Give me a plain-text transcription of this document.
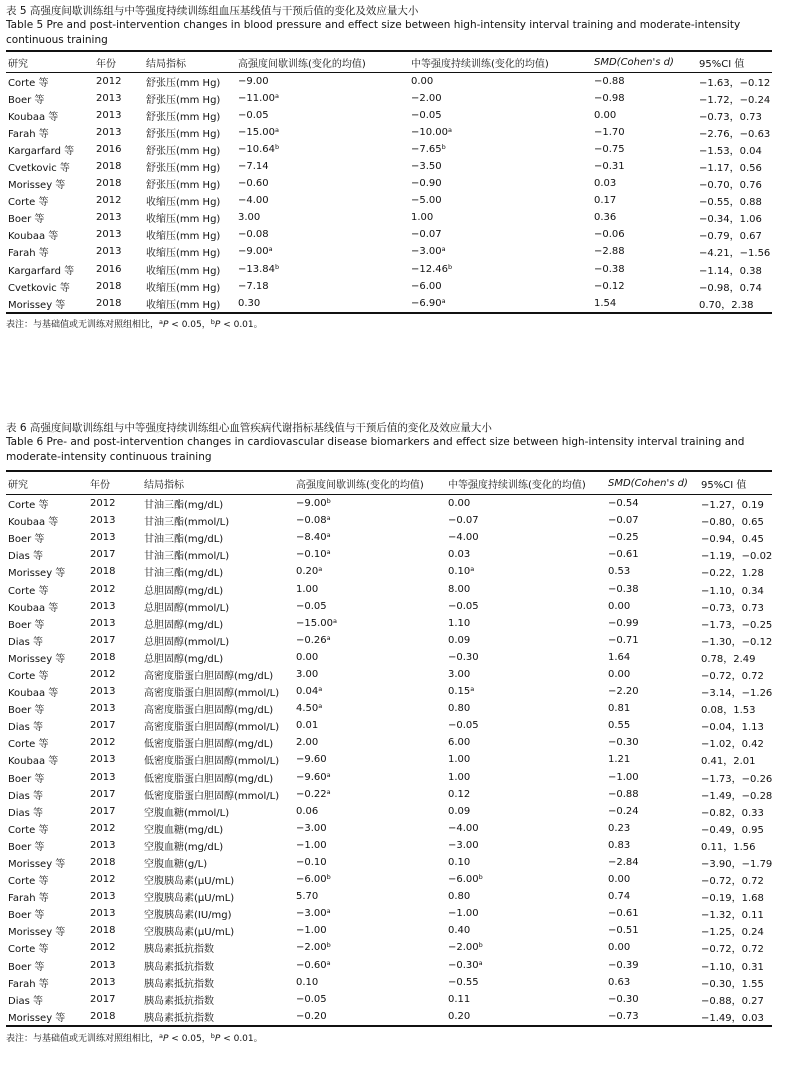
表 5 高强度间歇训练组与中等强度持续训练组血压基线值与干预后值的变化及效应量大小
Table 5 Pre and post-intervention changes in blood pressure and effect size between high-intensity interval training and moderate-intensity continuous training
研究	年份	结局指标	高强度间歇训练(变化的均值)	中等强度持续训练(变化的均值)	SMD(Cohen's d)	95%CI 值
Corte 等	2012	舒张压(mm Hg)	−9.00	0.00	−0.88	−1.63，−0.12
Boer 等	2013	舒张压(mm Hg)	−11.00$^a$	−2.00	−0.98	−1.72，−0.24
Koubaa 等	2013	舒张压(mm Hg)	−0.05	−0.05	0.00	−0.73，0.73
Farah 等	2013	舒张压(mm Hg)	−15.00$^a$	−10.00$^a$	−1.70	−2.76，−0.63
Kargarfard 等	2016	舒张压(mm Hg)	−10.64$^b$	−7.65$^b$	−0.75	−1.53，0.04
Cvetkovic 等	2018	舒张压(mm Hg)	−7.14	−3.50	−0.31	−1.17，0.56
Morissey 等	2018	舒张压(mm Hg)	−0.60	−0.90	0.03	−0.70，0.76
Corte 等	2012	收缩压(mm Hg)	−4.00	−5.00	0.17	−0.55，0.88
Boer 等	2013	收缩压(mm Hg)	3.00	1.00	0.36	−0.34，1.06
Koubaa 等	2013	收缩压(mm Hg)	−0.08	−0.07	−0.06	−0.79，0.67
Farah 等	2013	收缩压(mm Hg)	−9.00$^a$	−3.00$^a$	−2.88	−4.21，−1.56
Kargarfard 等	2016	收缩压(mm Hg)	−13.84$^b$	−12.46$^b$	−0.38	−1.14，0.38
Cvetkovic 等	2018	收缩压(mm Hg)	−7.18	−6.00	−0.12	−0.98，0.74
Morissey 等	2018	收缩压(mm Hg)	0.30	−6.90$^a$	1.54	0.70，2.38
表注：与基础值或无训练对照组相比，$^a$P < 0.05，$^b$P < 0.01。
表 6 高强度间歇训练组与中等强度持续训练组心血管疾病代谢指标基线值与干预后值的变化及效应量大小
Table 6 Pre- and post-intervention changes in cardiovascular disease biomarkers and effect size between high-intensity interval training and moderate-intensity continuous training
研究	年份	结局指标	高强度间歇训练(变化的均值)	中等强度持续训练(变化的均值)	SMD(Cohen's d)	95%CI 值
Corte 等	2012	甘油三酯(mg/dL)	−9.00$^b$	0.00	−0.54	−1.27，0.19
Koubaa 等	2013	甘油三酯(mmol/L)	−0.08$^a$	−0.07	−0.07	−0.80，0.65
Boer 等	2013	甘油三酯(mg/dL)	−8.40$^a$	−4.00	−0.25	−0.94，0.45
Dias 等	2017	甘油三酯(mmol/L)	−0.10$^a$	0.03	−0.61	−1.19，−0.02
Morissey 等	2018	甘油三酯(mg/dL)	0.20$^a$	0.10$^a$	0.53	−0.22，1.28
Corte 等	2012	总胆固醇(mg/dL)	1.00	8.00	−0.38	−1.10，0.34
Koubaa 等	2013	总胆固醇(mmol/L)	−0.05	−0.05	0.00	−0.73，0.73
Boer 等	2013	总胆固醇(mg/dL)	−15.00$^a$	1.10	−0.99	−1.73，−0.25
Dias 等	2017	总胆固醇(mmol/L)	−0.26$^a$	0.09	−0.71	−1.30，−0.12
Morissey 等	2018	总胆固醇(mg/dL)	0.00	−0.30	1.64	0.78，2.49
Corte 等	2012	高密度脂蛋白胆固醇(mg/dL)	3.00	3.00	0.00	−0.72，0.72
Koubaa 等	2013	高密度脂蛋白胆固醇(mmol/L)	0.04$^a$	0.15$^a$	−2.20	−3.14，−1.26
Boer 等	2013	高密度脂蛋白胆固醇(mg/dL)	4.50$^a$	0.80	0.81	0.08，1.53
Dias 等	2017	高密度脂蛋白胆固醇(mmol/L)	0.01	−0.05	0.55	−0.04，1.13
Corte 等	2012	低密度脂蛋白胆固醇(mg/dL)	2.00	6.00	−0.30	−1.02，0.42
Koubaa 等	2013	低密度脂蛋白胆固醇(mmol/L)	−9.60	1.00	1.21	0.41，2.01
Boer 等	2013	低密度脂蛋白胆固醇(mg/dL)	−9.60$^a$	1.00	−1.00	−1.73，−0.26
Dias 等	2017	低密度脂蛋白胆固醇(mmol/L)	−0.22$^a$	0.12	−0.88	−1.49，−0.28
Dias 等	2017	空腹血糖(mmol/L)	0.06	0.09	−0.24	−0.82，0.33
Corte 等	2012	空腹血糖(mg/dL)	−3.00	−4.00	0.23	−0.49，0.95
Boer 等	2013	空腹血糖(mg/dL)	−1.00	−3.00	0.83	0.11，1.56
Morissey 等	2018	空腹血糖(g/L)	−0.10	0.10	−2.84	−3.90，−1.79
Corte 等	2012	空腹胰岛素(μU/mL)	−6.00$^b$	−6.00$^b$	0.00	−0.72，0.72
Farah 等	2013	空腹胰岛素(μU/mL)	5.70	0.80	0.74	−0.19，1.68
Boer 等	2013	空腹胰岛素(IU/mg)	−3.00$^a$	−1.00	−0.61	−1.32，0.11
Morissey 等	2018	空腹胰岛素(μU/mL)	−1.00	0.40	−0.51	−1.25，0.24
Corte 等	2012	胰岛素抵抗指数	−2.00$^b$	−2.00$^b$	0.00	−0.72，0.72
Boer 等	2013	胰岛素抵抗指数	−0.60$^a$	−0.30$^a$	−0.39	−1.10，0.31
Farah 等	2013	胰岛素抵抗指数	0.10	−0.55	0.63	−0.30，1.55
Dias 等	2017	胰岛素抵抗指数	−0.05	0.11	−0.30	−0.88，0.27
Morissey 等	2018	胰岛素抵抗指数	−0.20	0.20	−0.73	−1.49，0.03
表注：与基础值或无训练对照组相比，$^a$P < 0.05，$^b$P < 0.01。
